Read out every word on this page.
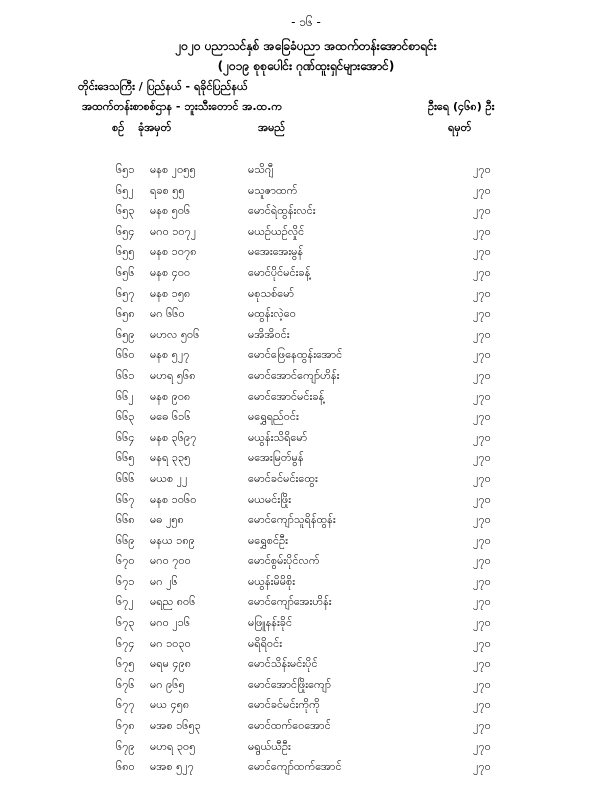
- ၁၆ -
၂၀၂၀ ပညာသင်နှစ် အခြေခံပညာ အထက်တန်းအောင်စာရင်း
(၂၀၁၉ စုစုပေါင်း ဂုဏ်ထူးရှင်များအောင်)
တိုင်းဒေသကြီး / ပြည်နယ် - ရခိုင်ပြည်နယ်
အထက်တန်းစာစစ်ဌာန - ဘူးသီးတောင် အ.ထ.က	ဦးရေ (၄၆၈) ဦး
စဉ် ခုံအမှတ်	အမည်	ရမှတ်
၆၅၁ မနစ ၂၀၅၅	မသိဂျီ	၂၇၀
၆၅၂ ရခစ ၅၅	မသူဇာထက်	၂၇၀
၆၅၃ မနစ ၅၀၆	မောင်ရဲထွန်းလင်း	၂၇၀
၆၅၄ မဂဝ ၁၀၇၂	မယဉ်ယဉ်လှိုင်	၂၇၀
၆၅၅ မနစ ၁၀၇၈	မအေးအေးမွန်	၂၇၀
၆၅၆ မနစ ၄၀၀	မောင်ပိုင်မင်းခန့်	၂၇၀
၆၅၇ မနစ ၁၅၈	မစုသစ်မော်	၂၇၀
၆၅၈ မဂ ၆၆၀	မထွန်းလဲ့ဝေ	၂၇၀
၆၅၉ မဟလ ၅၀၆	မအိအိဝင်း	၂၇၀
၆၆၀ မနစ ၅၂၇	မောင်ဖြေနေထွန်းအောင်	၂၇၀
၆၆၁ မဟရ ၅၆၈	မောင်အောင်ကျော်ဟိန်း	၂၇၀
၆၆၂ မနစ ၉၀၈	မောင်အောင်မင်းခန့်	၂၇၀
၆၆၃ မဓေ ၆၁၆	မရွှေရည်ဝင်း	၂၇၀
၆၆၄ မနစ ၃၆၉၇	မယွန်းသိရိမော်	၂၇၀
၆၆၅ မနရ ၃၃၅	မအေးမြတ်မွန်	၂၇၀
၆၆၆ မယစ ၂၂	မောင်ခင်မင်းထွေး	၂၇၀
၆၆၇ မနစ ၁၀၆၀	မယမင်းဖြိုး	၂၇၀
၆၆၈ မဓ ၂၅၈	မောင်ကျော်သူရိန်ထွန်း	၂၇၀
၆၆၉ မနယ ၁၈၉	မရွှေစင်ဦး	၂၇၀
၆၇၀ မဂဝ ၇၀၀	မောင်စွမ်းပိုင်လက်	၂၇၀
၆၇၁ မဂ ၂၆	မယွန်းမိမိစိုး	၂၇၀
၆၇၂ မရည ၈၀၆	မောင်ကျော်အေးဟိန်း	၂၇၀
၆၇၃ မဂဝ ၂၁၆	မဖြူနန်းခိုင်	၂၇၀
၆၇၄ မဂ ၁၀၃၀	မရိရိဝင်း	၂၇၀
၆၇၅ မရမ ၄၉၈	မောင်သိန်းမင်းပိုင်	၂၇၀
၆၇၆ မဂ ၉၆၅	မောင်အောင်ဖြိုးကျော်	၂၇၀
၆၇၇ မယ ၄၅၈	မောင်ခင်မင်းကိုကို	၂၇၀
၆၇၈ မအစ ၁၆၅၃	မောင်ထက်ဝေအောင်	၂၇၀
၆၇၉ မဟရ ၃၀၅	မရွယ်ယီဦး	၂၇၀
၆၈၀ မအစ ၅၂၇	မောင်ကျော်ထက်အောင်	၂၇၀
